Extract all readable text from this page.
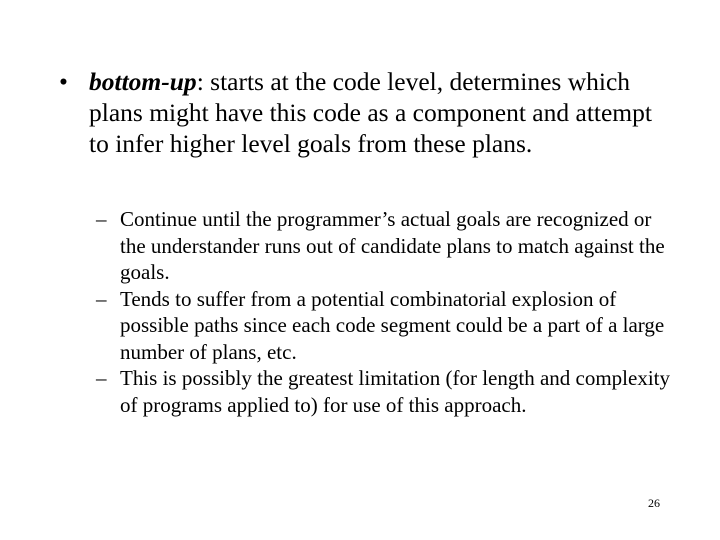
• bottom-up: starts at the code level, determines which plans might have this code as a component and attempt to infer higher level goals from these plans.
– Continue until the programmer’s actual goals are recognized or the understander runs out of candidate plans to match against the goals.
– Tends to suffer from a potential combinatorial explosion of possible paths since each code segment could be a part of a large number of plans, etc.
– This is possibly the greatest limitation (for length and complexity of programs applied to) for use of this approach.
26
